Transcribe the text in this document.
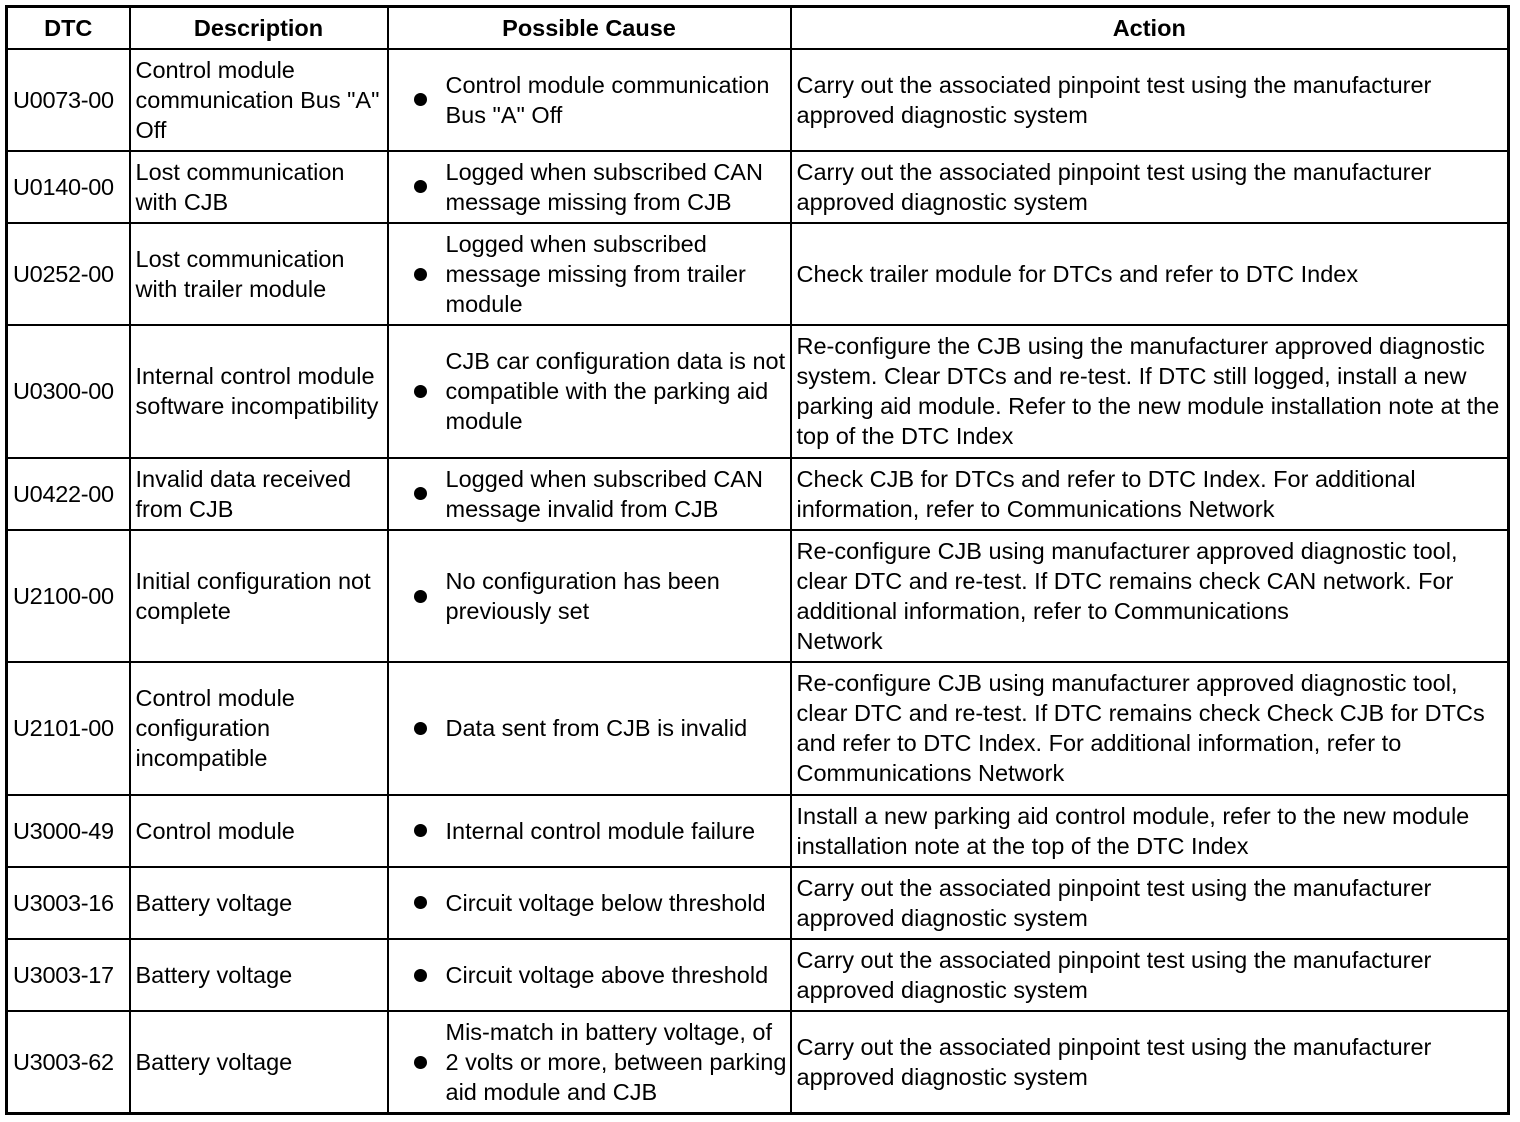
DTC	Description	Possible Cause	Action
U0073-00	Control module communication Bus "A" Off	Control module communication Bus "A" Off	Carry out the associated pinpoint test using the manufacturer approved diagnostic system
U0140-00	Lost communication with CJB	Logged when subscribed CAN message missing from CJB	Carry out the associated pinpoint test using the manufacturer approved diagnostic system
U0252-00	Lost communication with trailer module	Logged when subscribed message missing from trailer module	Check trailer module for DTCs and refer to DTC Index
U0300-00	Internal control module software incompatibility	CJB car configuration data is not compatible with the parking aid module	Re-configure the CJB using the manufacturer approved diagnostic system. Clear DTCs and re-test. If DTC still logged, install a new parking aid module. Refer to the new module installation note at the top of the DTC Index
U0422-00	Invalid data received from CJB	Logged when subscribed CAN message invalid from CJB	Check CJB for DTCs and refer to DTC Index. For additional information, refer to Communications Network
U2100-00	Initial configuration not complete	No configuration has been previously set	Re-configure CJB using manufacturer approved diagnostic tool, clear DTC and re-test. If DTC remains check CAN network. For additional information, refer to Communications
Network

U2101-00	Control module configuration incompatible	Data sent from CJB is invalid	Re-configure CJB using manufacturer approved diagnostic tool, clear DTC and re-test. If DTC remains check Check CJB for DTCs and refer to DTC Index. For additional information, refer to Communications Network
U3000-49	Control module	Internal control module failure	Install a new parking aid control module, refer to the new module installation note at the top of the DTC Index
U3003-16	Battery voltage	Circuit voltage below threshold	Carry out the associated pinpoint test using the manufacturer approved diagnostic system
U3003-17	Battery voltage	Circuit voltage above threshold	Carry out the associated pinpoint test using the manufacturer approved diagnostic system
U3003-62	Battery voltage	Mis-match in battery voltage, of 2 volts or more, between parking aid module and CJB	Carry out the associated pinpoint test using the manufacturer approved diagnostic system
